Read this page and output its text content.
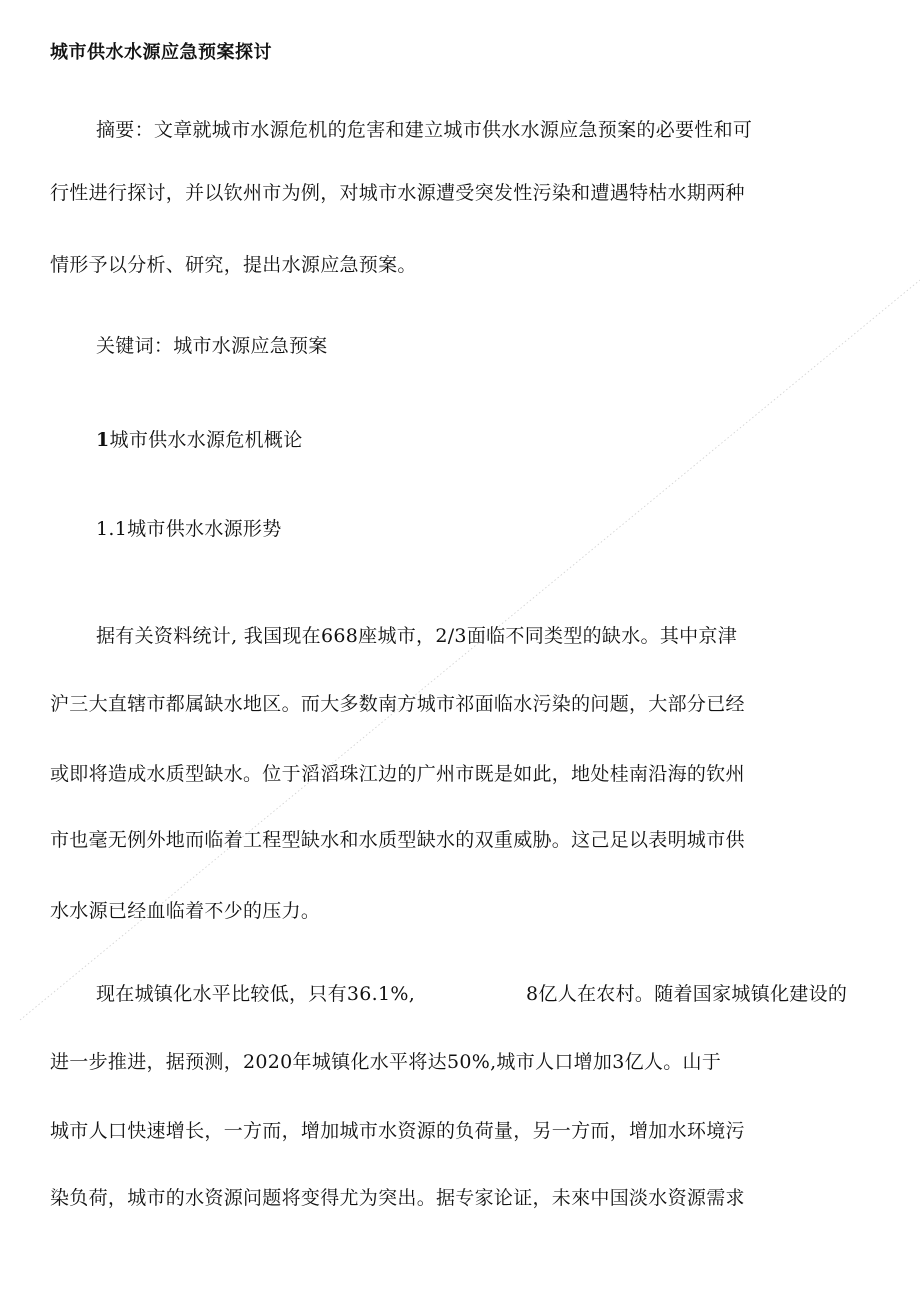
城市供水水源应急预案探讨
摘要：文章就城市水源危机的危害和建立城市供水水源应急预案的必要性和可
行性进行探讨，并以钦州市为例，对城市水源遭受突发性污染和遭遇特枯水期两种
情形予以分析、研究，提出水源应急预案。
关键词：城市水源应急预案
1城市供水水源危机概论
1.1城市供水水源形势
据有关资料统计, 我国现在668座城市，2/3面临不同类型的缺水。其中京津
沪三大直辖市都属缺水地区。而大多数南方城市祁面临水污染的问题，大部分已经
或即将造成水质型缺水。位于滔滔珠江边的广州市既是如此，地处桂南沿海的钦州
市也毫无例外地而临着工程型缺水和水质型缺水的双重威胁。这己足以表明城市供
水水源已经血临着不少的压力。
现在城镇化水平比较低，只有36.1%,	8亿人在农村。随着国家城镇化建设的
进一步推进，据预测，2020年城镇化水平将达50%,城市人口增加3亿人。山于
城市人口快速增长，一方而，增加城市水资源的负荷量，另一方而，增加水环境污
染负荷，城市的水资源问题将变得尤为突出。据专家论证，未來中国淡水资源需求
